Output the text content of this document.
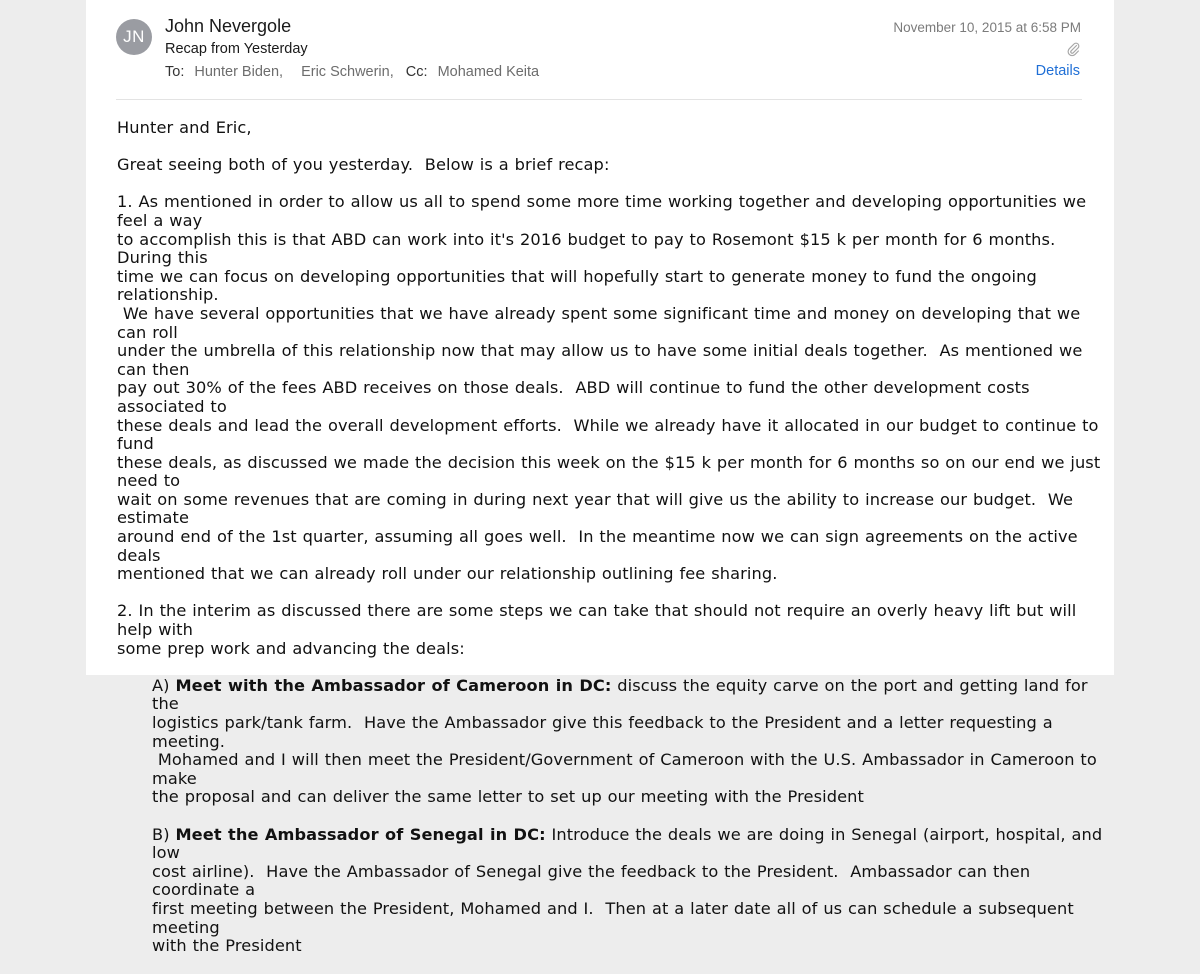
JN
John Nevergole
Recap from Yesterday
To: Hunter Biden, Eric Schwerin, Cc: Mohamed Keita
November 10, 2015 at 6:58 PM
Details

Hunter and Eric,

Great seeing both of you yesterday.  Below is a brief recap:

1. As mentioned in order to allow us all to spend some more time working together and developing opportunities we feel a way
to accomplish this is that ABD can work into it's 2016 budget to pay to Rosemont $15 k per month for 6 months.  During this
time we can focus on developing opportunities that will hopefully start to generate money to fund the ongoing relationship.
We have several opportunities that we have already spent some significant time and money on developing that we can roll
under the umbrella of this relationship now that may allow us to have some initial deals together.  As mentioned we can then
pay out 30% of the fees ABD receives on those deals.  ABD will continue to fund the other development costs associated to
these deals and lead the overall development efforts.  While we already have it allocated in our budget to continue to fund
these deals, as discussed we made the decision this week on the $15 k per month for 6 months so on our end we just need to
wait on some revenues that are coming in during next year that will give us the ability to increase our budget.  We estimate
around end of the 1st quarter, assuming all goes well.  In the meantime now we can sign agreements on the active deals
mentioned that we can already roll under our relationship outlining fee sharing.

2. In the interim as discussed there are some steps we can take that should not require an overly heavy lift but will help with
some prep work and advancing the deals:

A) Meet with the Ambassador of Cameroon in DC: discuss the equity carve on the port and getting land for the
logistics park/tank farm.  Have the Ambassador give this feedback to the President and a letter requesting a meeting.
Mohamed and I will then meet the President/Government of Cameroon with the U.S. Ambassador in Cameroon to make
the proposal and can deliver the same letter to set up our meeting with the President

B) Meet the Ambassador of Senegal in DC: Introduce the deals we are doing in Senegal (airport, hospital, and low
cost airline).  Have the Ambassador of Senegal give the feedback to the President.  Ambassador can then coordinate a
first meeting between the President, Mohamed and I.  Then at a later date all of us can schedule a subsequent meeting
with the President
